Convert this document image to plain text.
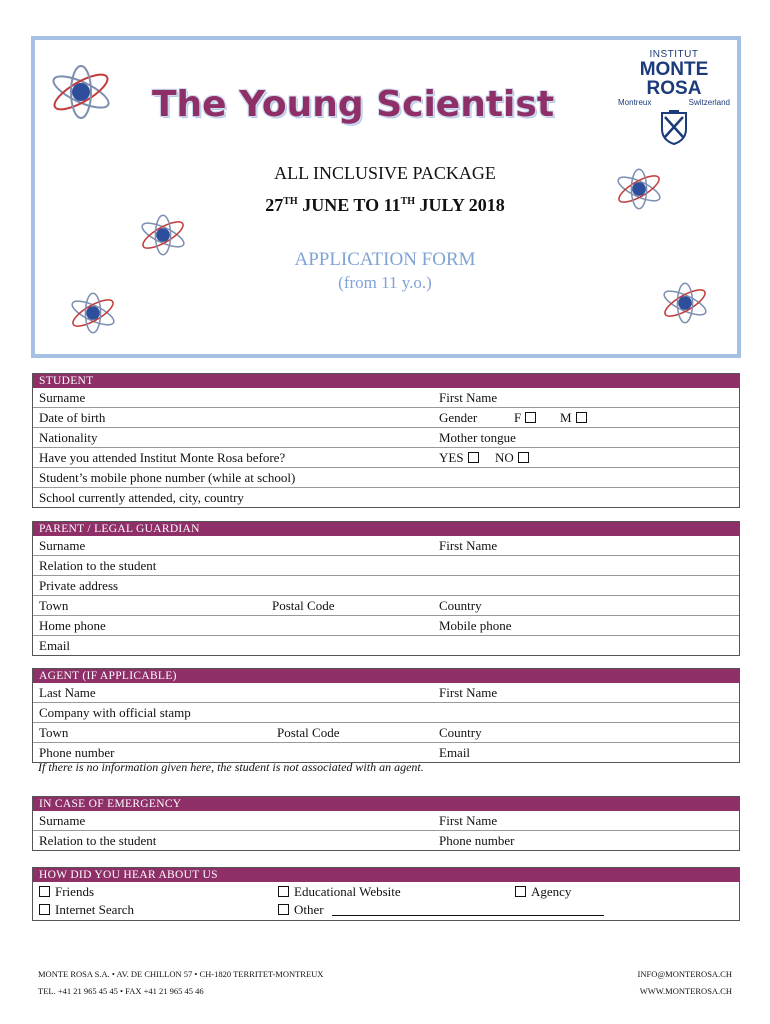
INSTITUT
MONTE ROSA
Montreux	Switzerland
The Young Scientist
ALL INCLUSIVE PACKAGE
27TH JUNE TO 11TH JULY 2018
APPLICATION FORM
(from 11 y.o.)
STUDENT
Surname	First Name
Date of birth	Gender	F	M
Nationality	Mother tongue
Have you attended Institut Monte Rosa before?	YES	NO
Student’s mobile phone number (while at school)
School currently attended, city, country
PARENT / LEGAL GUARDIAN
Surname	First Name
Relation to the student
Private address
Town	Postal Code	Country
Home phone	Mobile phone
Email
AGENT (IF APPLICABLE)
Last Name	First Name
Company with official stamp
Town	Postal Code	Country
Phone number	Email
If there is no information given here, the student is not associated with an agent.
IN CASE OF EMERGENCY
Surname	First Name
Relation to the student	Phone number
HOW DID YOU HEAR ABOUT US
Friends	Educational Website	Agency
Internet Search	Other
MONTE ROSA S.A. • AV. DE CHILLON 57 • CH-1820 TERRITET-MONTREUX
TEL. +41 21 965 45 45 • FAX +41 21 965 45 46
INFO@MONTEROSA.CH
WWW.MONTEROSA.CH
